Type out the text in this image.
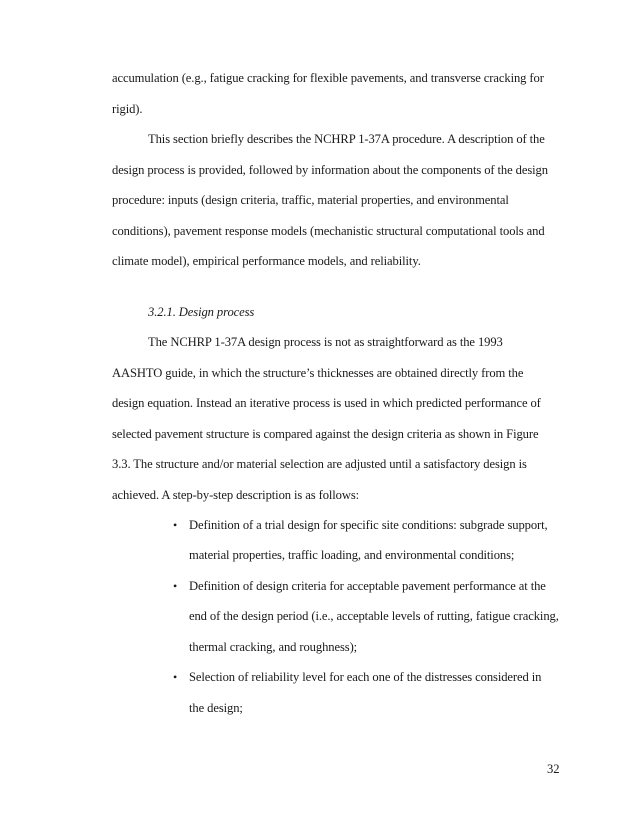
accumulation (e.g., fatigue cracking for flexible pavements, and transverse cracking for
rigid).
This section briefly describes the NCHRP 1-37A procedure. A description of the
design process is provided, followed by information about the components of the design
procedure: inputs (design criteria, traffic, material properties, and environmental
conditions), pavement response models (mechanistic structural computational tools and
climate model), empirical performance models, and reliability.
3.2.1. Design process
The NCHRP 1-37A design process is not as straightforward as the 1993
AASHTO guide, in which the structure’s thicknesses are obtained directly from the
design equation. Instead an iterative process is used in which predicted performance of
selected pavement structure is compared against the design criteria as shown in Figure
3.3. The structure and/or material selection are adjusted until a satisfactory design is
achieved. A step-by-step description is as follows:
• Definition of a trial design for specific site conditions: subgrade support,
material properties, traffic loading, and environmental conditions;
• Definition of design criteria for acceptable pavement performance at the
end of the design period (i.e., acceptable levels of rutting, fatigue cracking,
thermal cracking, and roughness);
• Selection of reliability level for each one of the distresses considered in
the design;
32
